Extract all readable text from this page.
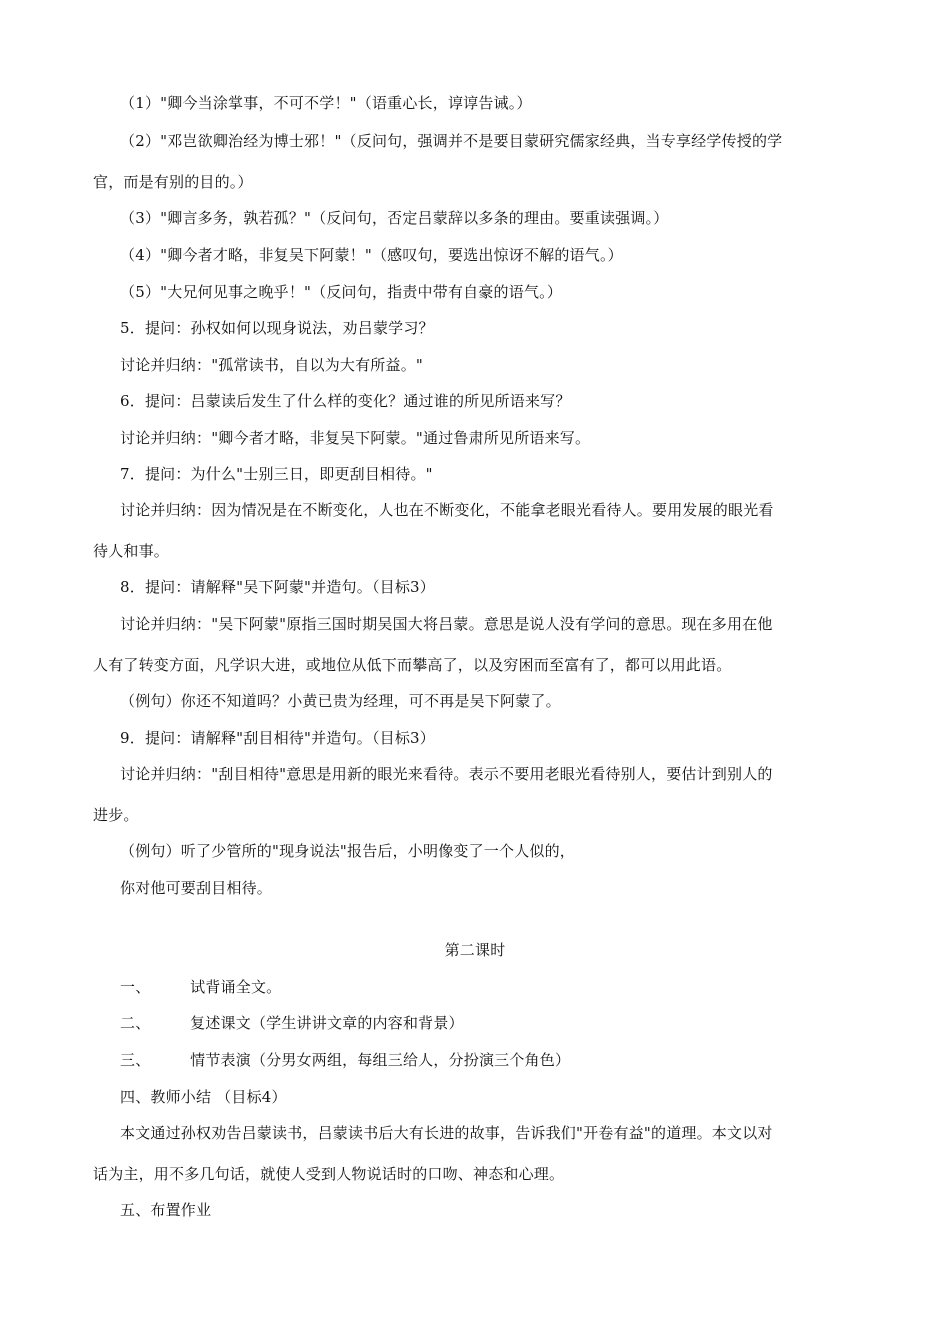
（1）"卿今当涂掌事，不可不学！"（语重心长，谆谆告诫。）
（2）"邓岂欲卿治经为博士邪！"（反问句，强调并不是要目蒙研究儒家经典，当专享经学传授的学
官，而是有别的目的。）
（3）"卿言多务，孰若孤？"（反问句，否定吕蒙辞以多条的理由。要重读强调。）
（4）"卿今者才略，非复吴下阿蒙！"（感叹句，要选出惊讶不解的语气。）
（5）"大兄何见事之晚乎！"（反问句，指责中带有自豪的语气。）
5．提问：孙权如何以现身说法，劝吕蒙学习？
讨论并归纳："孤常读书，自以为大有所益。"
6．提问：吕蒙读后发生了什么样的变化？通过谁的所见所语来写？
讨论并归纳："卿今者才略，非复吴下阿蒙。"通过鲁肃所见所语来写。
7．提问：为什么"士别三日，即更刮目相待。"
讨论并归纳：因为情况是在不断变化，人也在不断变化，不能拿老眼光看待人。要用发展的眼光看
待人和事。
8．提问：请解释"吴下阿蒙"并造句。（目标3）
讨论并归纳："吴下阿蒙"原指三国时期吴国大将吕蒙。意思是说人没有学问的意思。现在多用在他
人有了转变方面，凡学识大进，或地位从低下而攀高了，以及穷困而至富有了，都可以用此语。
（例句）你还不知道吗？小黄已贵为经理，可不再是吴下阿蒙了。
9．提问：请解释"刮目相待"并造句。（目标3）
讨论并归纳："刮目相待"意思是用新的眼光来看待。表示不要用老眼光看待别人，要估计到别人的
进步。
（例句）听了少管所的"现身说法"报告后，小明像变了一个人似的，
你对他可要刮目相待。
第二课时
一、        试背诵全文。
二、        复述课文（学生讲讲文章的内容和背景）
三、        情节表演（分男女两组，每组三给人，分扮演三个角色）
四、教师小结 （目标4）
本文通过孙权劝告吕蒙读书，吕蒙读书后大有长进的故事，告诉我们"开卷有益"的道理。本文以对
话为主，用不多几句话，就使人受到人物说话时的口吻、神态和心理。
五、布置作业
